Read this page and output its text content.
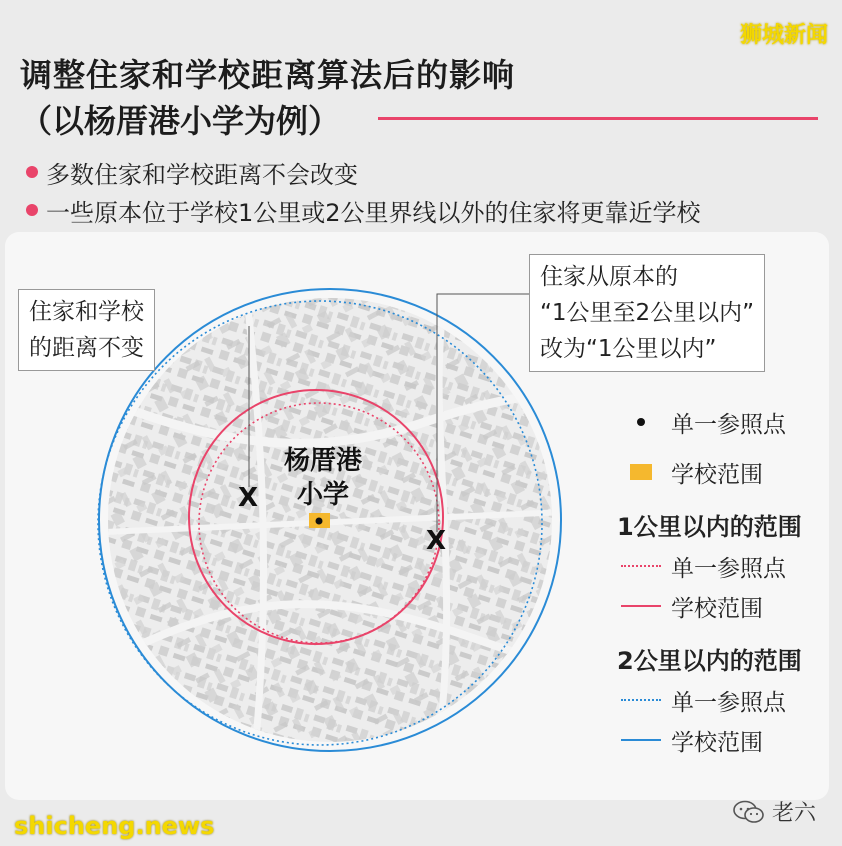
狮城新闻
调整住家和学校距离算法后的影响
（以杨厝港小学为例）
多数住家和学校距离不会改变
一些原本位于学校1公里或2公里界线以外的住家将更靠近学校
杨厝港
小学
X
X
住家和学校
的距离不变
住家从原本的
“1公里至2公里以内”
改为“1公里以内”
单一参照点
学校范围
1公里以内的范围
单一参照点
学校范围
2公里以内的范围
单一参照点
学校范围
shicheng.news	老六
